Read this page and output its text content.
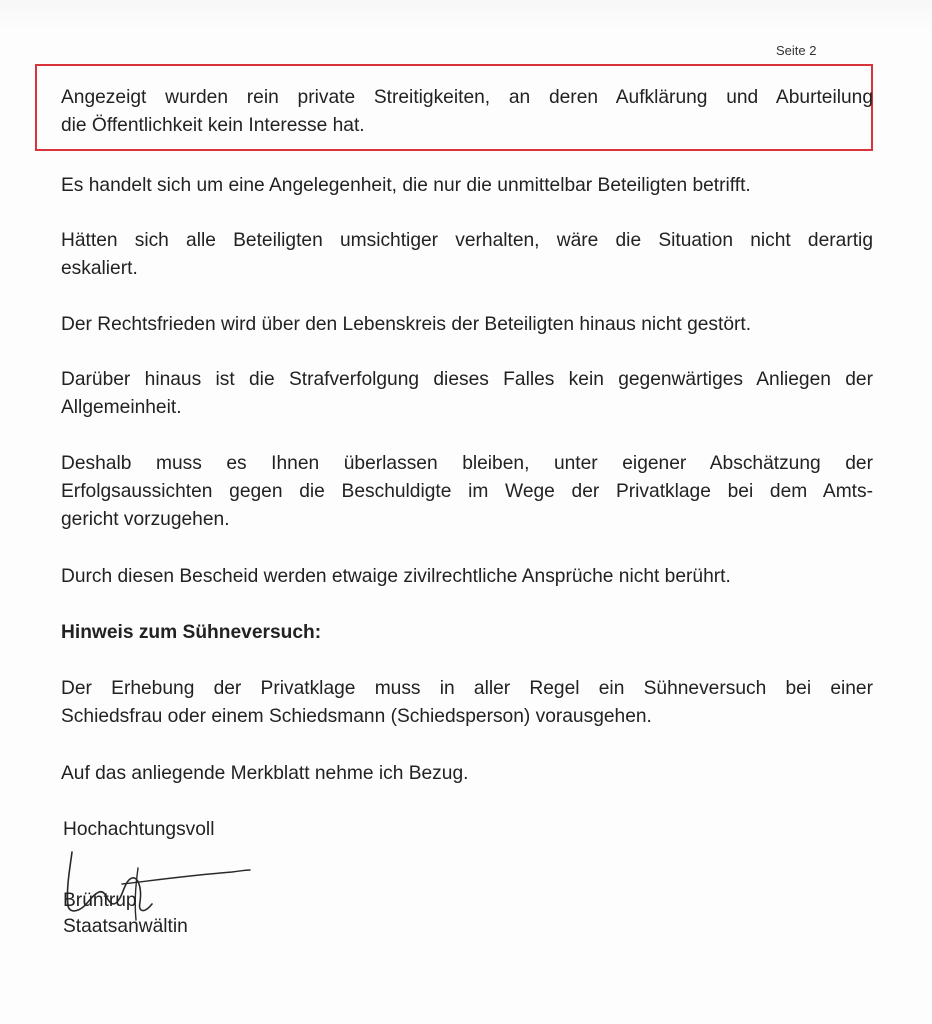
Seite 2

Angezeigt wurden rein private Streitigkeiten, an deren Aufklärung und Aburteilung
die Öffentlichkeit kein Interesse hat.

Es handelt sich um eine Angelegenheit, die nur die unmittelbar Beteiligten betrifft.

Hätten sich alle Beteiligten umsichtiger verhalten, wäre die Situation nicht derartig
eskaliert.

Der Rechtsfrieden wird über den Lebenskreis der Beteiligten hinaus nicht gestört.

Darüber hinaus ist die Strafverfolgung dieses Falles kein gegenwärtiges Anliegen der
Allgemeinheit.

Deshalb muss es Ihnen überlassen bleiben, unter eigener Abschätzung der
Erfolgsaussichten gegen die Beschuldigte im Wege der Privatklage bei dem Amts-
gericht vorzugehen.

Durch diesen Bescheid werden etwaige zivilrechtliche Ansprüche nicht berührt.

Hinweis zum Sühneversuch:

Der Erhebung der Privatklage muss in aller Regel ein Sühneversuch bei einer
Schiedsfrau oder einem Schiedsmann (Schiedsperson) vorausgehen.

Auf das anliegende Merkblatt nehme ich Bezug.

Hochachtungsvoll
Brüntrup
Staatsanwältin
